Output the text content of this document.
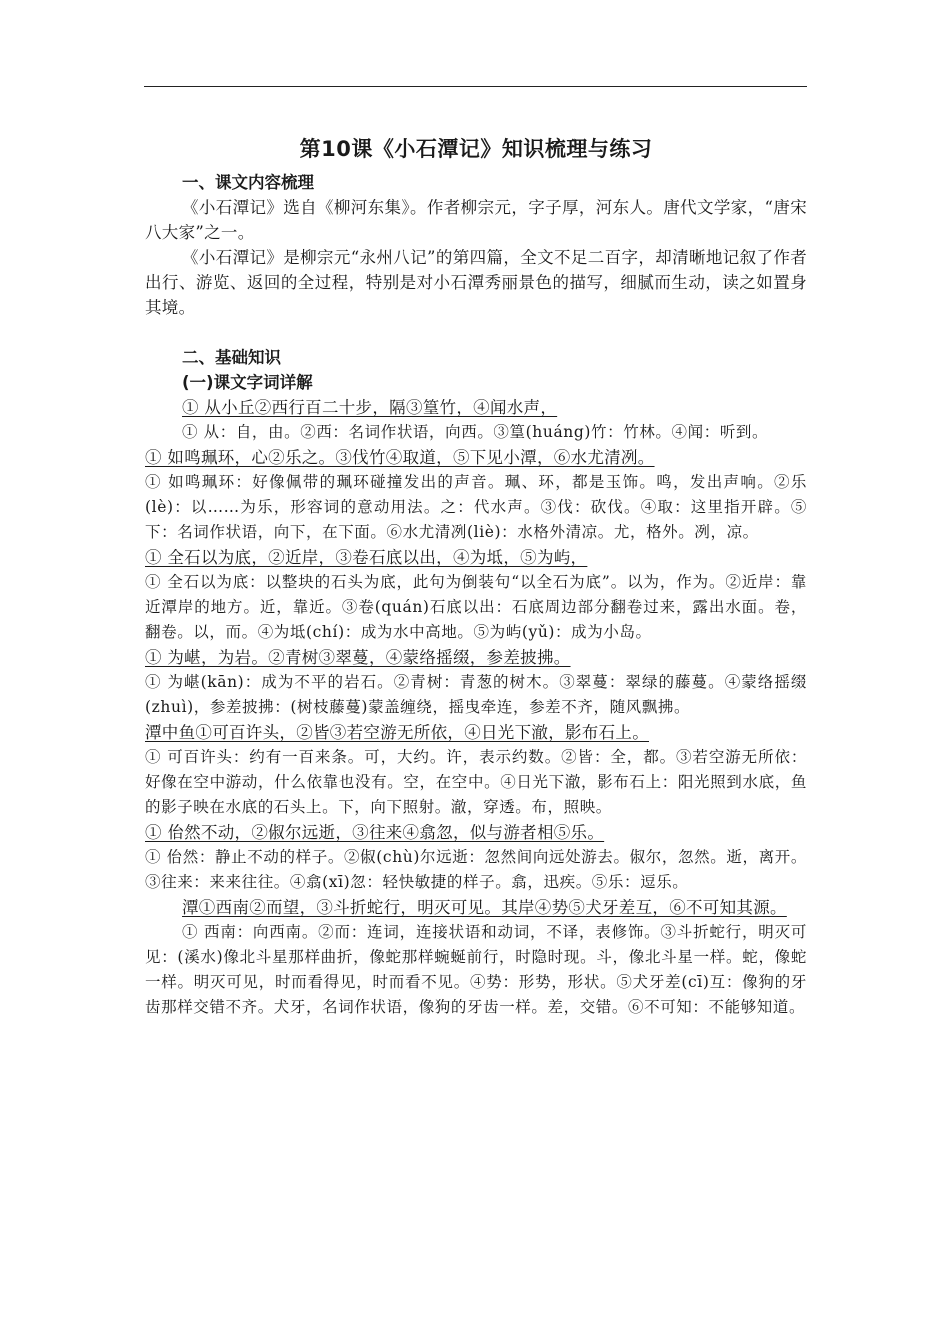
第10课《小石潭记》知识梳理与练习
一、课文内容梳理
《小石潭记》选自《柳河东集》。作者柳宗元，字子厚，河东人。唐代文学家，“唐宋八大家”之一。
《小石潭记》是柳宗元“永州八记”的第四篇，全文不足二百字，却清晰地记叙了作者出行、游览、返回的全过程，特别是对小石潭秀丽景色的描写，细腻而生动，读之如置身其境。
二、基础知识
(一)课文字词详解
① 从小丘②西行百二十步，隔③篁竹，④闻水声，
① 从：自，由。②西：名词作状语，向西。③篁(huáng)竹：竹林。④闻：听到。
① 如鸣珮环，心②乐之。③伐竹④取道，⑤下见小潭，⑥水尤清冽。
① 如鸣珮环：好像佩带的珮环碰撞发出的声音。珮、环，都是玉饰。鸣，发出声响。②乐(lè)：以……为乐，形容词的意动用法。之：代水声。③伐：砍伐。④取：这里指开辟。⑤下：名词作状语，向下，在下面。⑥水尤清冽(liè)：水格外清凉。尤，格外。冽，凉。
① 全石以为底，②近岸，③卷石底以出，④为坻，⑤为屿，
① 全石以为底：以整块的石头为底，此句为倒装句“以全石为底”。以为，作为。②近岸：靠近潭岸的地方。近，靠近。③卷(quán)石底以出：石底周边部分翻卷过来，露出水面。卷，翻卷。以，而。④为坻(chí)：成为水中高地。⑤为屿(yǔ)：成为小岛。
① 为嵁，为岩。②青树③翠蔓，④蒙络摇缀，参差披拂。
① 为嵁(kān)：成为不平的岩石。②青树：青葱的树木。③翠蔓：翠绿的藤蔓。④蒙络摇缀(zhuì)，参差披拂：(树枝藤蔓)蒙盖缠绕，摇曳牵连，参差不齐，随风飘拂。
潭中鱼①可百许头，②皆③若空游无所依，④日光下澈，影布石上。
① 可百许头：约有一百来条。可，大约。许，表示约数。②皆：全，都。③若空游无所依：好像在空中游动，什么依靠也没有。空，在空中。④日光下澈，影布石上：阳光照到水底，鱼的影子映在水底的石头上。下，向下照射。澈，穿透。布，照映。
① 佁然不动，②俶尔远逝，③往来④翕忽，似与游者相⑤乐。
① 佁然：静止不动的样子。②俶(chù)尔远逝：忽然间向远处游去。俶尔，忽然。逝，离开。③往来：来来往往。④翕(xī)忽：轻快敏捷的样子。翕，迅疾。⑤乐：逗乐。
潭①西南②而望，③斗折蛇行，明灭可见。其岸④势⑤犬牙差互，⑥不可知其源。
① 西南：向西南。②而：连词，连接状语和动词，不译，表修饰。③斗折蛇行，明灭可见：(溪水)像北斗星那样曲折，像蛇那样蜿蜒前行，时隐时现。斗，像北斗星一样。蛇，像蛇一样。明灭可见，时而看得见，时而看不见。④势：形势，形状。⑤犬牙差(cī)互：像狗的牙齿那样交错不齐。犬牙，名词作状语，像狗的牙齿一样。差，交错。⑥不可知：不能够知道。
